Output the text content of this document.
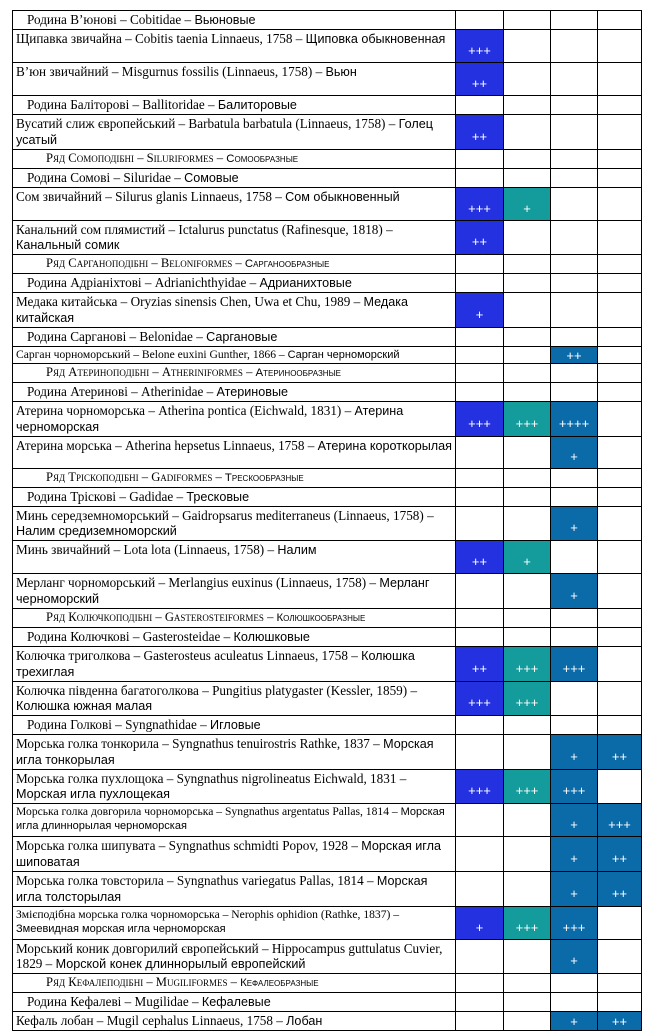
Родина В’юнові – Cobitidae – Вьюновые					
Щипавка звичайна – Cobitis taenia Linnaeus, 1758 – Щиповка обыкновенная	+++

В’юн звичайний – Misgurnus fossilis (Linnaeus, 1758) – Вьюн	++

Родина Баліторові – Ballitoridae – Балиторовые					
Вусатий слиж європейський – Barbatula barbatula (Linnaeus, 1758) – Голец усатый	++

Ряд Сомоподібні – Siluriformes – Сомообразные					
Родина Сомові – Siluridae – Сомовые					
Сом звичайний – Silurus glanis Linnaeus, 1758 – Сом обыкновенный	+++	+

Канальний сом плямистий – Ictalurus punctatus (Rafinesque, 1818) – Канальный сомик	++				

Ряд Сарганоподібні – Beloniformes – Сарганообразные					
Родина Адріаніхтові – Adrianichthyidae – Адрианихтовые					
Медака китайська – Oryzias sinensis Chen, Uwa et Chu, 1989 – Медака китайская	+

Родина Сарганові – Belonidae – Саргановые					
Сарган чорноморський – Belone euxini Gunther, 1866 – Сарган черноморский			++		

Ряд Атериноподібні – Atheriniformes – Атеринообразные					
Родина Атеринові – Atherinidae – Атериновые					
Атерина чорноморська – Atherina pontica (Eichwald, 1831) – Атерина черноморская	+++	+++	++++

Атерина морська – Atherina hepsetus Linnaeus, 1758 – Атерина короткорылая			+		

Ряд Тріскоподібні – Gadiformes – Трескообразные					
Родина Тріскові – Gadidae – Тресковые					
Минь середземноморський – Gaidropsarus mediterraneus (Linnaeus, 1758) – Налим средиземноморский			+		

Минь звичайний – Lota lota (Linnaeus, 1758) – Налим	++	+

Мерланг чорноморський – Merlangius euxinus (Linnaeus, 1758) – Мерланг черноморский			+		

Ряд Колючкоподібні – Gasterosteiformes – Колюшкообразные					
Родина Колючкові – Gasterosteidae – Колюшковые					
Колючка триголкова – Gasterosteus aculeatus Linnaeus, 1758 – Колюшка трехиглая	++	+++	+++

Колючка південна багатоголкова – Pungitius platygaster (Kessler, 1859) – Колюшка южная малая	+++	+++

Родина Голкові – Syngnathidae – Игловые					
Морська голка тонкорила – Syngnathus tenuirostris Rathke, 1837 – Морская игла тонкорылая			+	++

Морська голка пухлощока – Syngnathus nigrolineatus Eichwald, 1831 – Морская игла пухлощекая	+++	+++	+++

Морська голка довгорила чорноморська – Syngnathus argentatus Pallas, 1814 – Морская игла длиннорылая черноморская			+	+++

Морська голка шипувата – Syngnathus schmidti Popov, 1928 – Морская игла шиповатая			+	++	

Морська голка товсторила – Syngnathus variegatus Pallas, 1814 – Морская игла толсторылая			+	++

Змієподібна морська голка чорноморська – Nerophis ophidion (Rathke, 1837) – Змеевидная морская игла черноморская	+	+++	+++

Морський коник довгорилий європейський – Hippocampus guttulatus Cuvier, 1829 – Морской конек длиннорылый европейский			+

Ряд Кефалеподібні – Mugiliformes – Кефалеобразные					
Родина Кефалеві – Mugilidae – Кефалевые					
Кефаль лобан – Mugil cephalus Linnaeus, 1758 – Лобан			+	++	
